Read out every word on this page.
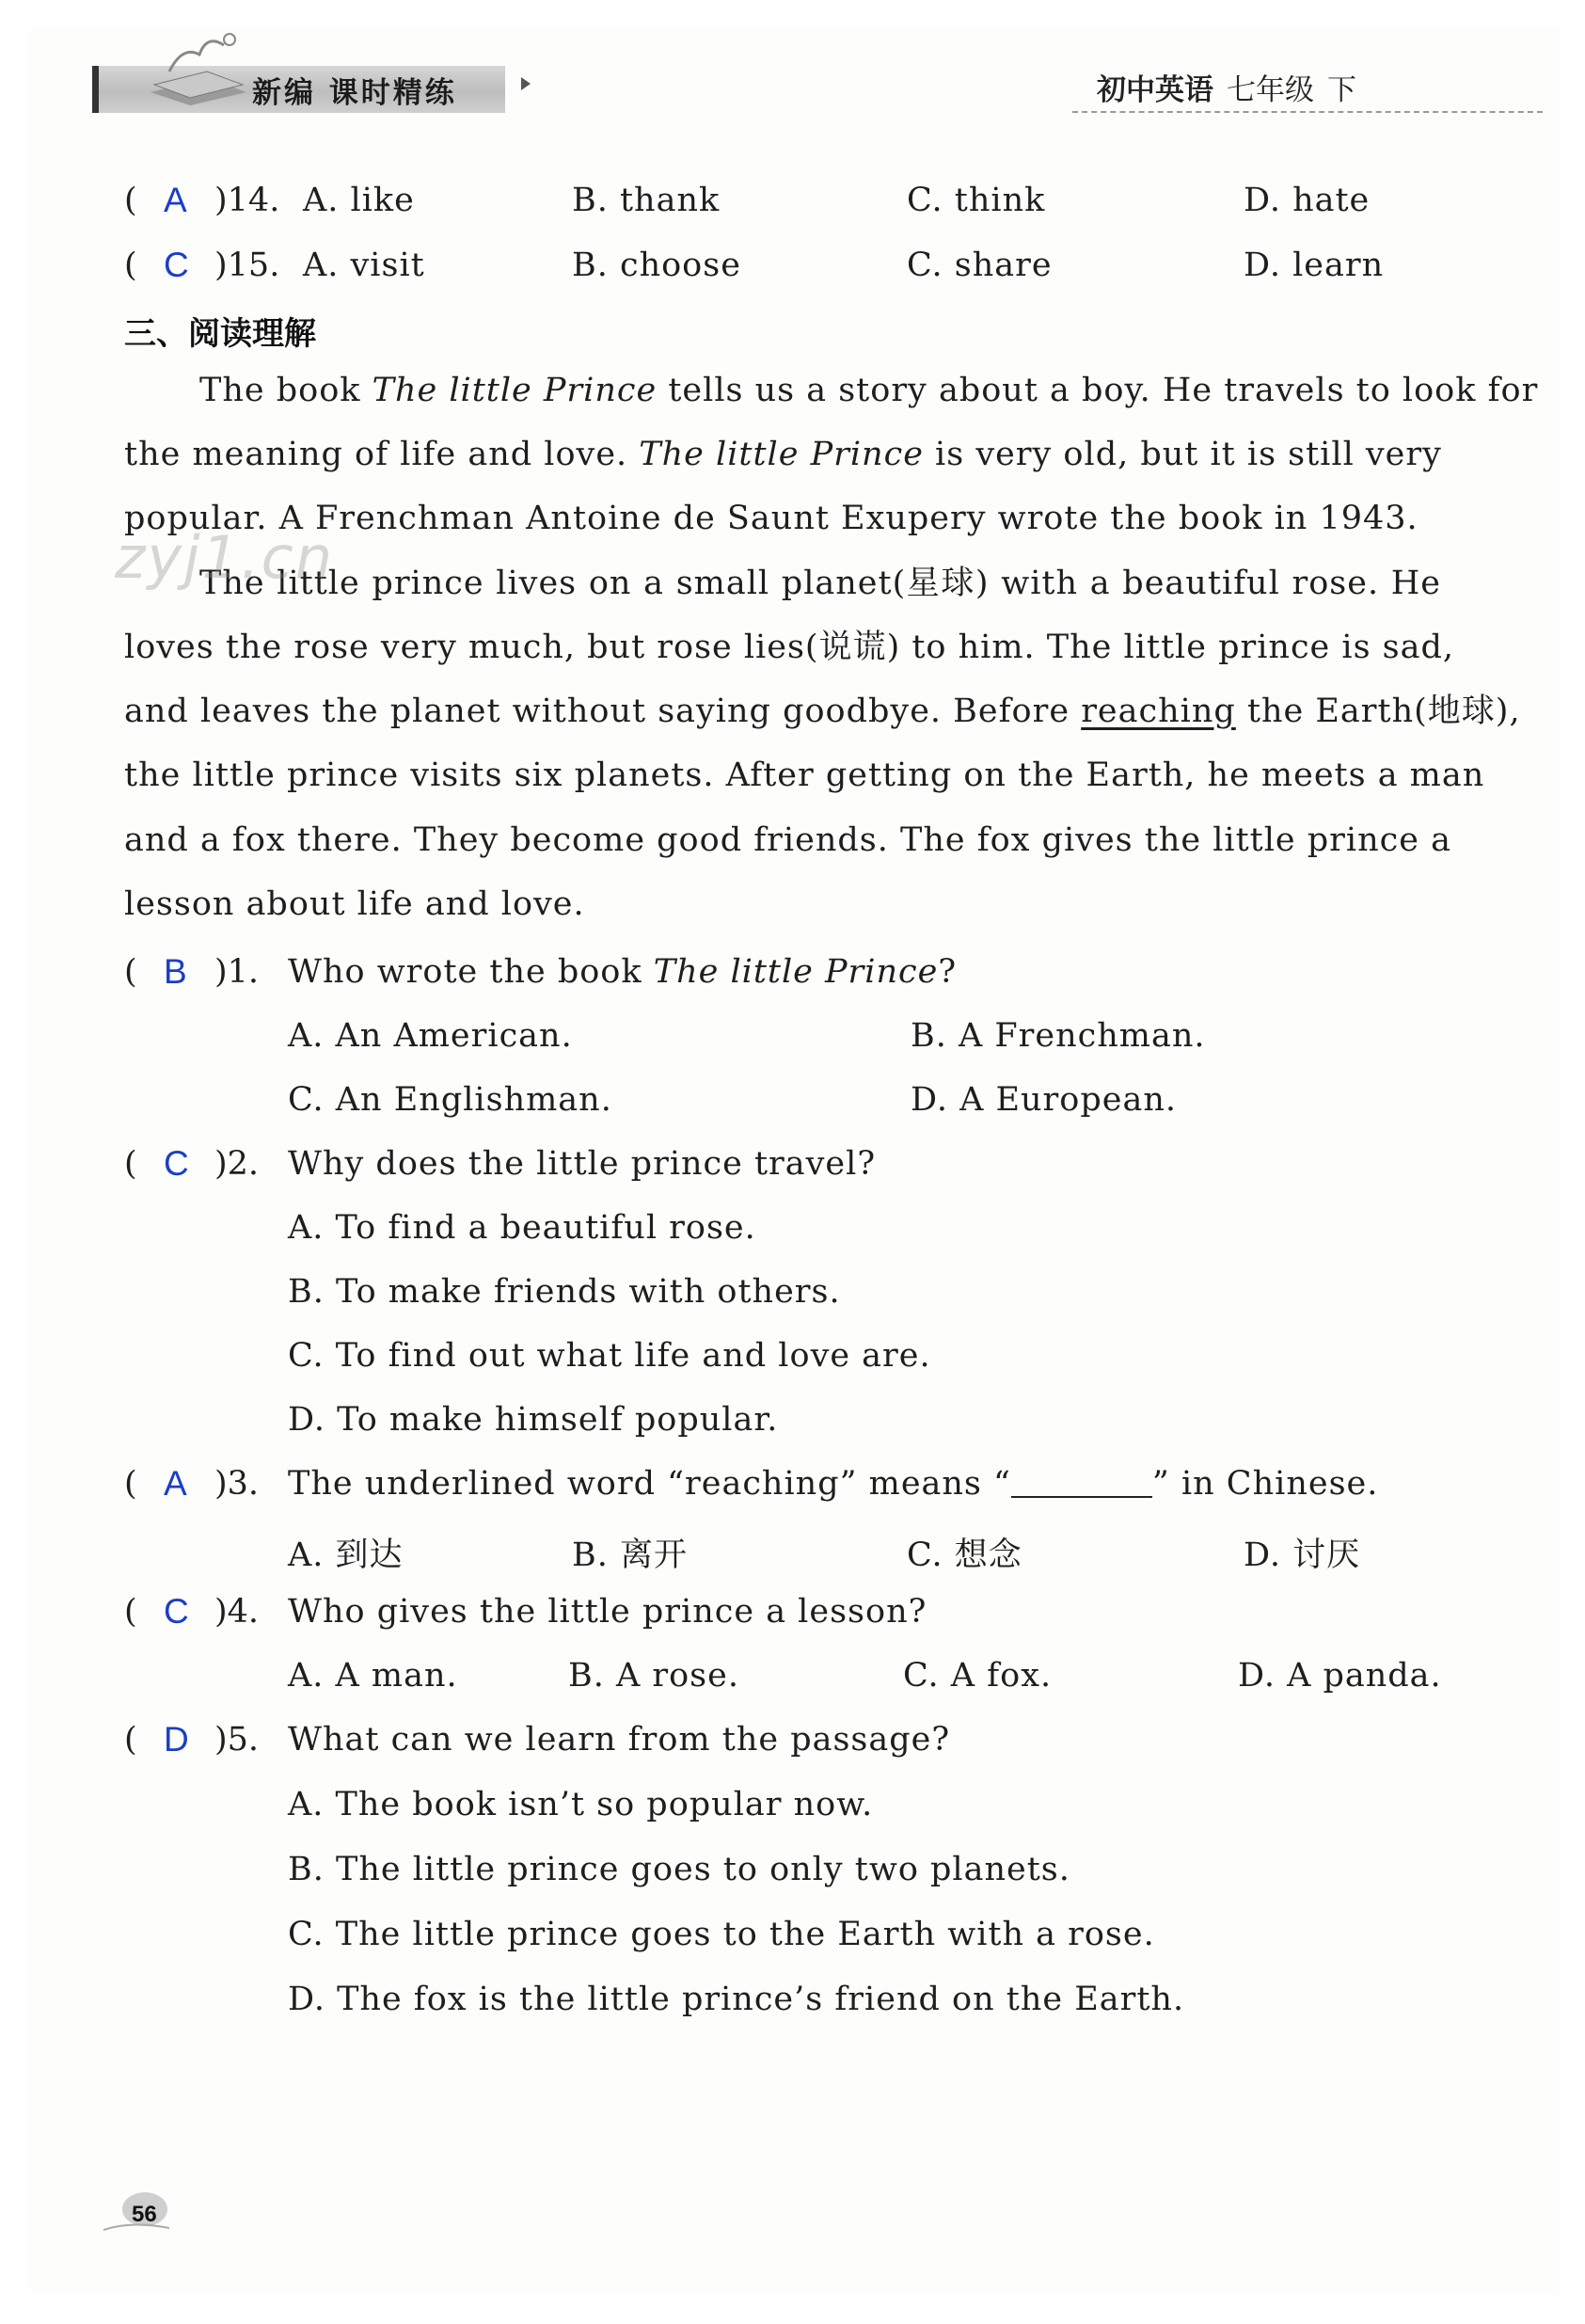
新编 课时精练	初中英语 七年级 下
( A )14. A. like	B. thank	C. think	D. hate
( C )15. A. visit	B. choose	C. share	D. learn
三、阅读理解
The book The little Prince tells us a story about a boy. He travels to look for
the meaning of life and love. The little Prince is very old, but it is still very
popular. A Frenchman Antoine de Saunt Exupery wrote the book in 1943.
The little prince lives on a small planet(星球) with a beautiful rose. He
loves the rose very much, but rose lies(说谎) to him. The little prince is sad,
and leaves the planet without saying goodbye. Before reaching the Earth(地球),
the little prince visits six planets. After getting on the Earth, he meets a man
and a fox there. They become good friends. The fox gives the little prince a
lesson about life and love.
zyj1.cn
( B )1. Who wrote the book The little Prince?
A. An American.	B. A Frenchman.
C. An Englishman.	D. A European.
( C )2. Why does the little prince travel?
A. To find a beautiful rose.
B. To make friends with others.
C. To find out what life and love are.
D. To make himself popular.
( A )3. The underlined word “reaching” means “	” in Chinese.
A. 到达	B. 离开	C. 想念	D. 讨厌
( C )4. Who gives the little prince a lesson?
A. A man.	B. A rose.	C. A fox.	D. A panda.
( D )5. What can we learn from the passage?
A. The book isn’t so popular now.
B. The little prince goes to only two planets.
C. The little prince goes to the Earth with a rose.
D. The fox is the little prince’s friend on the Earth.
56
